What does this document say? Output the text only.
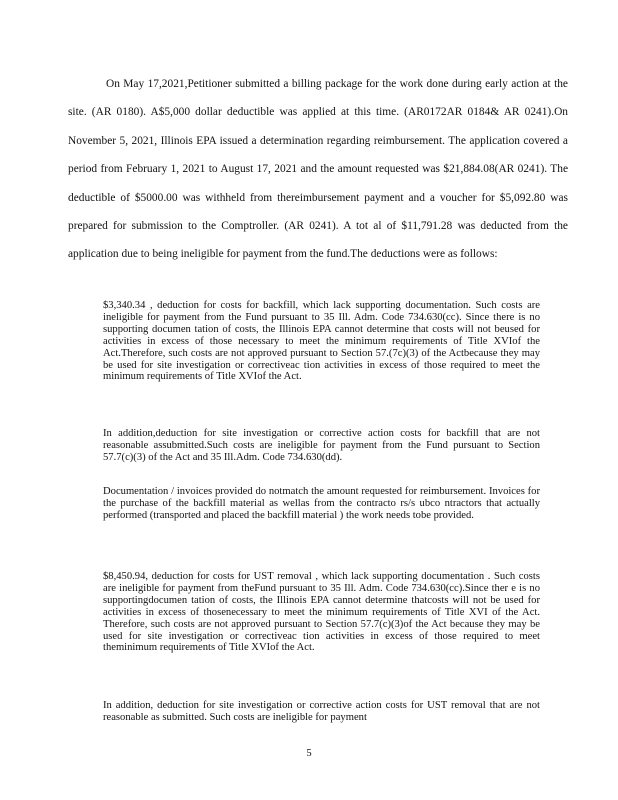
On May 17,2021,Petitioner submitted a billing package for the work done during early action at the site. (AR 0180). A$5,000 dollar deductible was applied at this time. (AR0172AR 0184& AR 0241).On November 5, 2021, Illinois EPA issued a determination regarding reimbursement. The application covered a period from February 1, 2021 to August 17, 2021 and the amount requested was $21,884.08(AR 0241). The deductible of $5000.00 was withheld from thereimbursement payment and a voucher for $5,092.80 was prepared for submission to the Comptroller. (AR 0241). A tot al of $11,791.28 was deducted from the application due to being ineligible for payment from the fund.The deductions were as follows:

$3,340.34 , deduction for costs for backfill, which lack supporting documentation. Such costs are ineligible for payment from the Fund pursuant to 35 Ill. Adm. Code 734.630(cc). Since there is no supporting documen tation of costs, the Illinois EPA cannot determine that costs will not beused for activities in excess of those necessary to meet the minimum requirements of Title XVIof the Act.Therefore, such costs are not approved pursuant to Section 57.(7c)(3) of the Actbecause they may be used for site investigation or correctiveac tion activities in excess of those required to meet the minimum requirements of Title XVIof the Act.

In addition,deduction for site investigation or corrective action costs for backfill that are not reasonable assubmitted.Such costs are ineligible for payment from the Fund pursuant to Section 57.7(c)(3) of the Act and 35 Ill.Adm. Code 734.630(dd).

Documentation / invoices provided do notmatch the amount requested for reimbursement. Invoices for the purchase of the backfill material as wellas from the contracto rs/s ubco ntractors that actually performed (transported and placed the backfill material ) the work needs tobe provided.

$8,450.94, deduction for costs for UST removal , which lack supporting documentation . Such costs are ineligible for payment from theFund pursuant to 35 Ill. Adm. Code 734.630(cc).Since ther e is no supportingdocumen tation of costs, the Illinois EPA cannot determine thatcosts will not be used for activities in excess of thosenecessary to meet the minimum requirements of Title XVI of the Act. Therefore, such costs are not approved pursuant to Section 57.7(c)(3)of the Act because they may be used for site investigation or correctiveac tion activities in excess of those required to meet theminimum requirements of Title XVIof the Act.

In addition, deduction for site investigation or corrective action costs for UST removal that are not reasonable as submitted. Such costs are ineligible for payment

5
